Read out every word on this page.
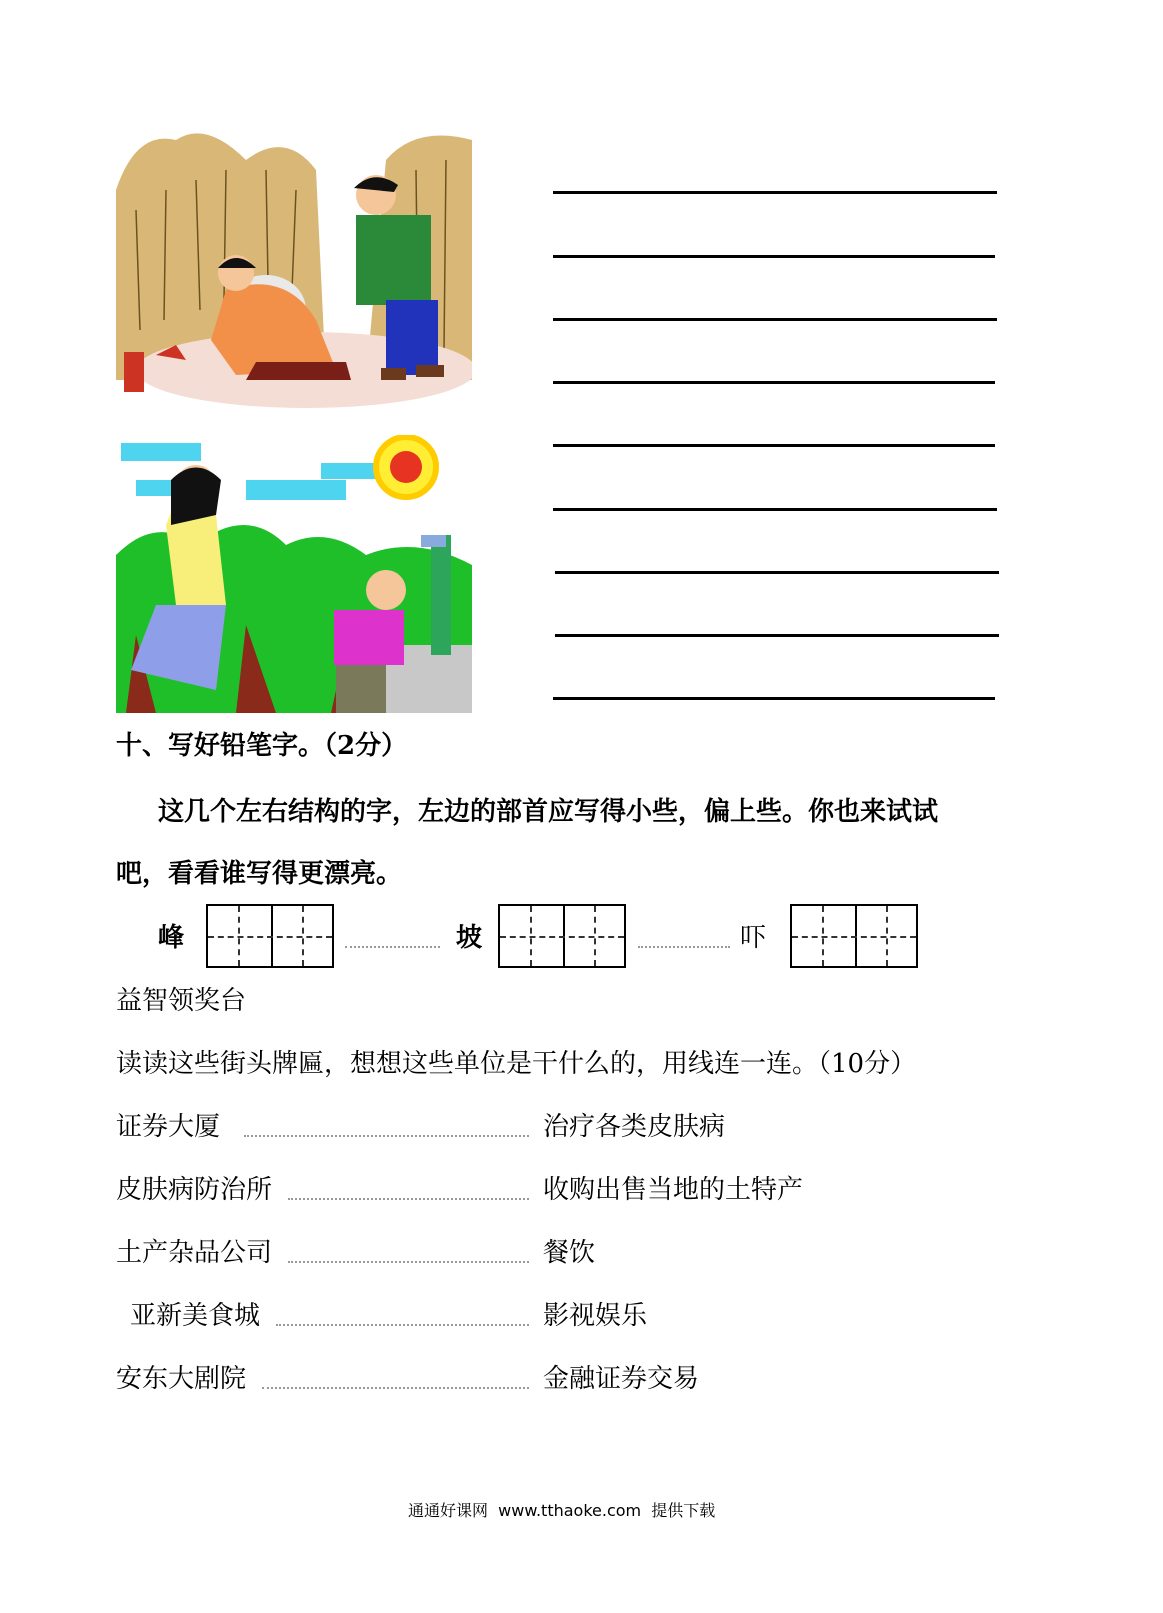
十、写好铅笔字。（2分）
这几个左右结构的字，左边的部首应写得小些，偏上些。你也来试试
吧，看看谁写得更漂亮。
峰	坡	吓
益智领奖台
读读这些街头牌匾，想想这些单位是干什么的，用线连一连。（10分）
证券大厦	治疗各类皮肤病
皮肤病防治所	收购出售当地的土特产
土产杂品公司	餐饮
亚新美食城	影视娱乐
安东大剧院	金融证券交易
通通好课网  www.tthaoke.com  提供下载
